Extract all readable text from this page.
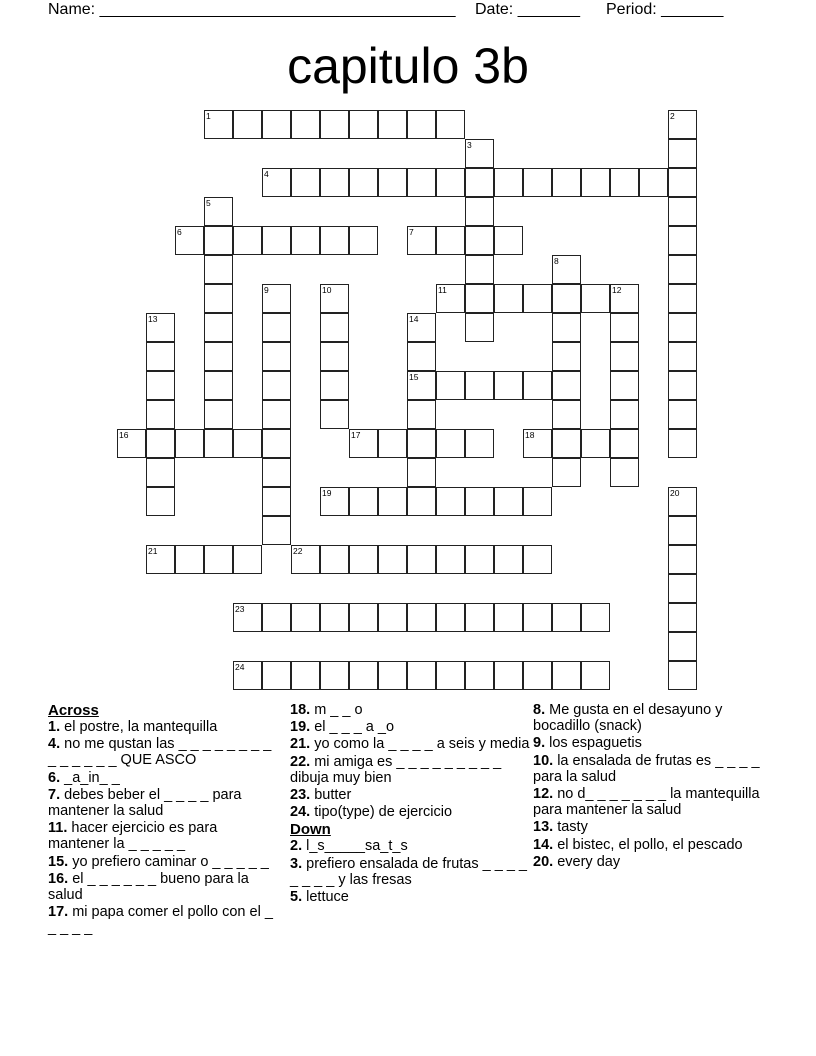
Name: ________________________________________ Date: _______ Period: _______
capitulo 3b
1	2
3
4
5
6	7
8
9	10	11	12
13	14
15
16	17	18
19	20
21	22
23
24
Across
1. el postre, la mantequilla
4. no me qustan las _ _ _ _ _ _ _ _ _ _ _ _ _ _ QUE ASCO
6. _a_in_ _
7. debes beber el _ _ _ _ para mantener la salud
11. hacer ejercicio es para mantener la _ _ _ _ _
15. yo prefiero caminar o _ _ _ _ _
16. el _ _ _ _ _ _ bueno para la salud
17. mi papa comer el pollo con el _ _ _ _ _
18. m _ _ o
19. el _ _ _ a _o
21. yo como la _ _ _ _ a seis y media
22. mi amiga es _ _ _ _ _ _ _ _ _ dibuja muy bien
23. butter
24. tipo(type) de ejercicio
Down
2. l_s_____sa_t_s
3. prefiero ensalada de frutas _ _ _ _ _ _ _ _ y las fresas
5. lettuce
8. Me gusta en el desayuno y bocadillo (snack)
9. los espaguetis
10. la ensalada de frutas es _ _ _ _ para la salud
12. no d_ _ _ _ _ _ _ la mantequilla para mantener la salud
13. tasty
14. el bistec, el pollo, el pescado
20. every day
